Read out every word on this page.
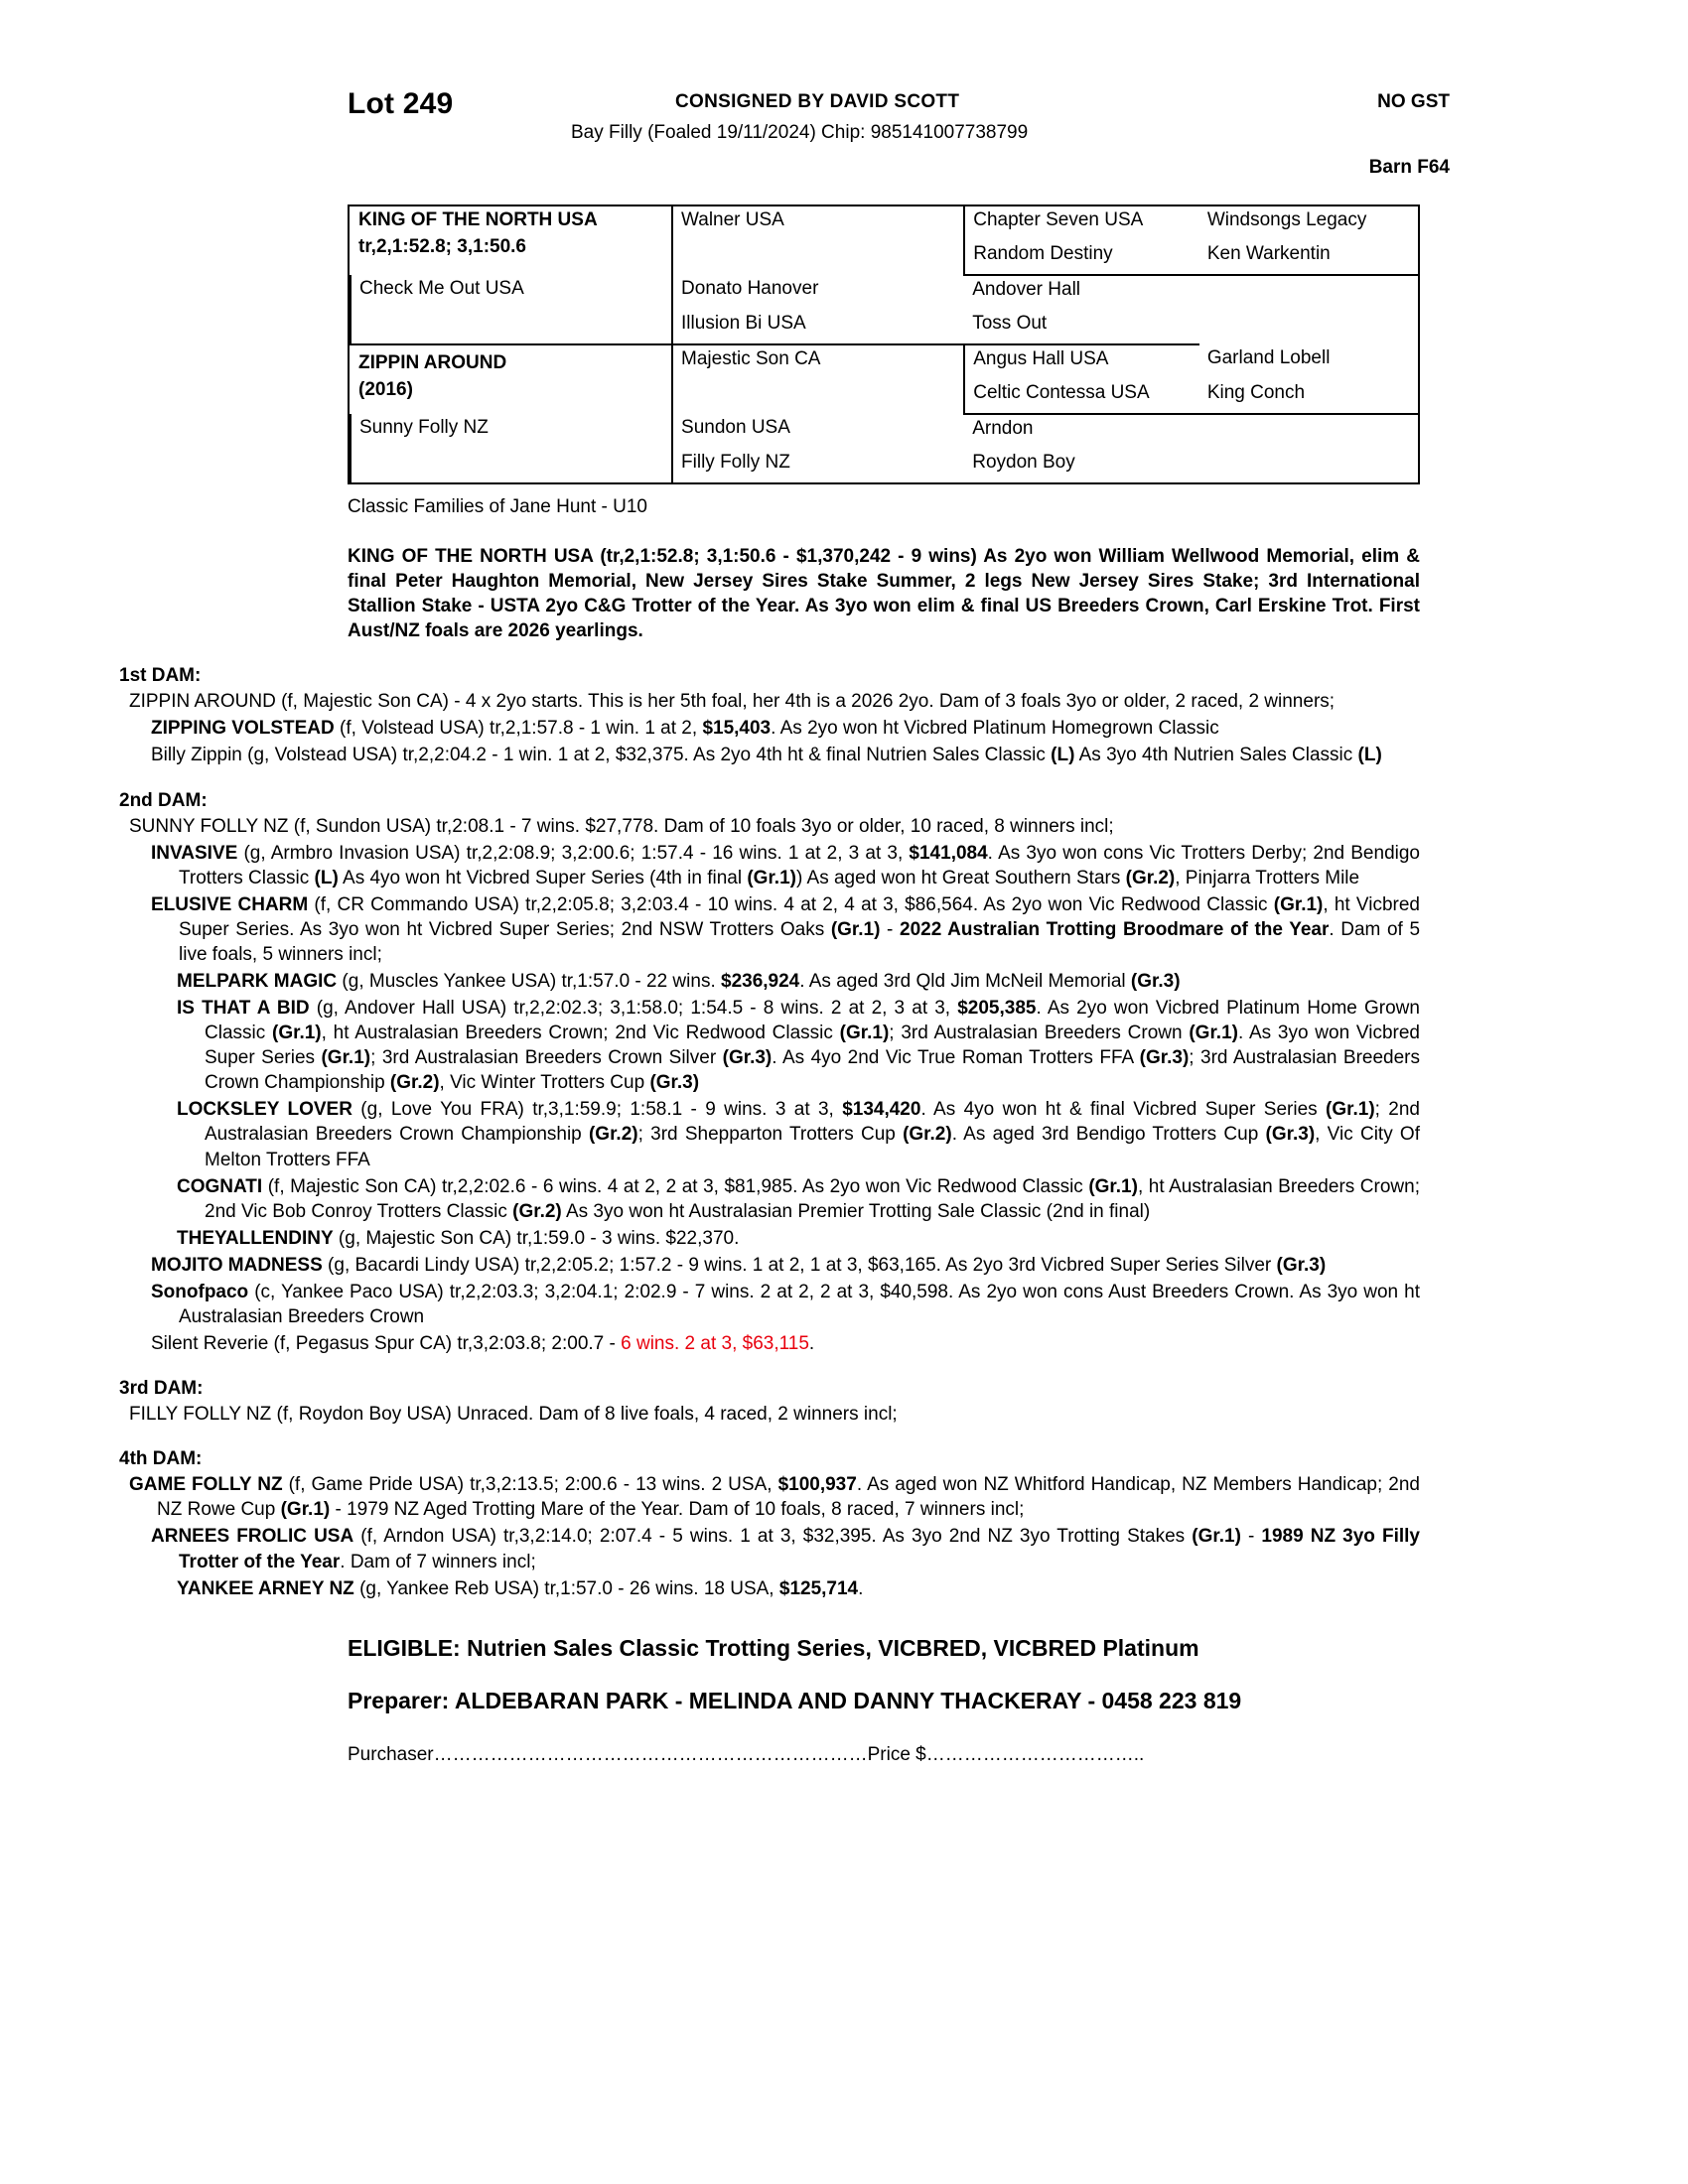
Lot 249	CONSIGNED BY DAVID SCOTT
Bay Filly (Foaled 19/11/2024) Chip: 985141007738799
NO GST
Barn F64
KING OF THE NORTH USA
tr,2,1:52.8; 3,1:50.6	Walner USA	Chapter Seven USA	Windsongs Legacy
		Random Destiny	Ken Warkentin
Check Me Out USA	Donato Hanover	Andover Hall	
	Illusion Bi USA	Toss Out	

ZIPPIN AROUND
(2016)	Majestic Son CA	Angus Hall USA	Garland Lobell
		Celtic Contessa USA	King Conch
Sunny Folly NZ	Sundon USA	Arndon	
	Filly Folly NZ	Roydon Boy	
Classic Families of Jane Hunt - U10
KING OF THE NORTH USA (tr,2,1:52.8; 3,1:50.6 - $1,370,242 - 9 wins) As 2yo won William Wellwood Memorial, elim & final Peter Haughton Memorial, New Jersey Sires Stake Summer, 2 legs New Jersey Sires Stake; 3rd International Stallion Stake - USTA 2yo C&G Trotter of the Year. As 3yo won elim & final US Breeders Crown, Carl Erskine Trot. First Aust/NZ foals are 2026 yearlings.
1st DAM:
ZIPPIN AROUND (f, Majestic Son CA) - 4 x 2yo starts. This is her 5th foal, her 4th is a 2026 2yo. Dam of 3 foals 3yo or older, 2 raced, 2 winners;
ZIPPING VOLSTEAD (f, Volstead USA) tr,2,1:57.8 - 1 win. 1 at 2, $15,403. As 2yo won ht Vicbred Platinum Homegrown Classic
Billy Zippin (g, Volstead USA) tr,2,2:04.2 - 1 win. 1 at 2, $32,375. As 2yo 4th ht & final Nutrien Sales Classic (L) As 3yo 4th Nutrien Sales Classic (L)
2nd DAM:
SUNNY FOLLY NZ (f, Sundon USA) tr,2:08.1 - 7 wins. $27,778. Dam of 10 foals 3yo or older, 10 raced, 8 winners incl;
INVASIVE (g, Armbro Invasion USA) tr,2,2:08.9; 3,2:00.6; 1:57.4 - 16 wins. 1 at 2, 3 at 3, $141,084. As 3yo won cons Vic Trotters Derby; 2nd Bendigo Trotters Classic (L) As 4yo won ht Vicbred Super Series (4th in final (Gr.1)) As aged won ht Great Southern Stars (Gr.2), Pinjarra Trotters Mile
ELUSIVE CHARM (f, CR Commando USA) tr,2,2:05.8; 3,2:03.4 - 10 wins. 4 at 2, 4 at 3, $86,564. As 2yo won Vic Redwood Classic (Gr.1), ht Vicbred Super Series. As 3yo won ht Vicbred Super Series; 2nd NSW Trotters Oaks (Gr.1) - 2022 Australian Trotting Broodmare of the Year. Dam of 5 live foals, 5 winners incl;
MELPARK MAGIC (g, Muscles Yankee USA) tr,1:57.0 - 22 wins. $236,924. As aged 3rd Qld Jim McNeil Memorial (Gr.3)
IS THAT A BID (g, Andover Hall USA) tr,2,2:02.3; 3,1:58.0; 1:54.5 - 8 wins. 2 at 2, 3 at 3, $205,385. As 2yo won Vicbred Platinum Home Grown Classic (Gr.1), ht Australasian Breeders Crown; 2nd Vic Redwood Classic (Gr.1); 3rd Australasian Breeders Crown (Gr.1). As 3yo won Vicbred Super Series (Gr.1); 3rd Australasian Breeders Crown Silver (Gr.3). As 4yo 2nd Vic True Roman Trotters FFA (Gr.3); 3rd Australasian Breeders Crown Championship (Gr.2), Vic Winter Trotters Cup (Gr.3)
LOCKSLEY LOVER (g, Love You FRA) tr,3,1:59.9; 1:58.1 - 9 wins. 3 at 3, $134,420. As 4yo won ht & final Vicbred Super Series (Gr.1); 2nd Australasian Breeders Crown Championship (Gr.2); 3rd Shepparton Trotters Cup (Gr.2). As aged 3rd Bendigo Trotters Cup (Gr.3), Vic City Of Melton Trotters FFA
COGNATI (f, Majestic Son CA) tr,2,2:02.6 - 6 wins. 4 at 2, 2 at 3, $81,985. As 2yo won Vic Redwood Classic (Gr.1), ht Australasian Breeders Crown; 2nd Vic Bob Conroy Trotters Classic (Gr.2) As 3yo won ht Australasian Premier Trotting Sale Classic (2nd in final)
THEYALLENDINY (g, Majestic Son CA) tr,1:59.0 - 3 wins. $22,370.
MOJITO MADNESS (g, Bacardi Lindy USA) tr,2,2:05.2; 1:57.2 - 9 wins. 1 at 2, 1 at 3, $63,165. As 2yo 3rd Vicbred Super Series Silver (Gr.3)
Sonofpaco (c, Yankee Paco USA) tr,2,2:03.3; 3,2:04.1; 2:02.9 - 7 wins. 2 at 2, 2 at 3, $40,598. As 2yo won cons Aust Breeders Crown. As 3yo won ht Australasian Breeders Crown
Silent Reverie (f, Pegasus Spur CA) tr,3,2:03.8; 2:00.7 - 6 wins. 2 at 3, $63,115.
3rd DAM:
FILLY FOLLY NZ (f, Roydon Boy USA) Unraced. Dam of 8 live foals, 4 raced, 2 winners incl;
4th DAM:
GAME FOLLY NZ (f, Game Pride USA) tr,3,2:13.5; 2:00.6 - 13 wins. 2 USA, $100,937. As aged won NZ Whitford Handicap, NZ Members Handicap; 2nd NZ Rowe Cup (Gr.1) - 1979 NZ Aged Trotting Mare of the Year. Dam of 10 foals, 8 raced, 7 winners incl;
ARNEES FROLIC USA (f, Arndon USA) tr,3,2:14.0; 2:07.4 - 5 wins. 1 at 3, $32,395. As 3yo 2nd NZ 3yo Trotting Stakes (Gr.1) - 1989 NZ 3yo Filly Trotter of the Year. Dam of 7 winners incl;
YANKEE ARNEY NZ (g, Yankee Reb USA) tr,1:57.0 - 26 wins. 18 USA, $125,714.
ELIGIBLE: Nutrien Sales Classic Trotting Series, VICBRED, VICBRED Platinum
Preparer: ALDEBARAN PARK - MELINDA AND DANNY THACKERAY - 0458 223 819
Purchaser……………………………………………………………Price $……………………………..
